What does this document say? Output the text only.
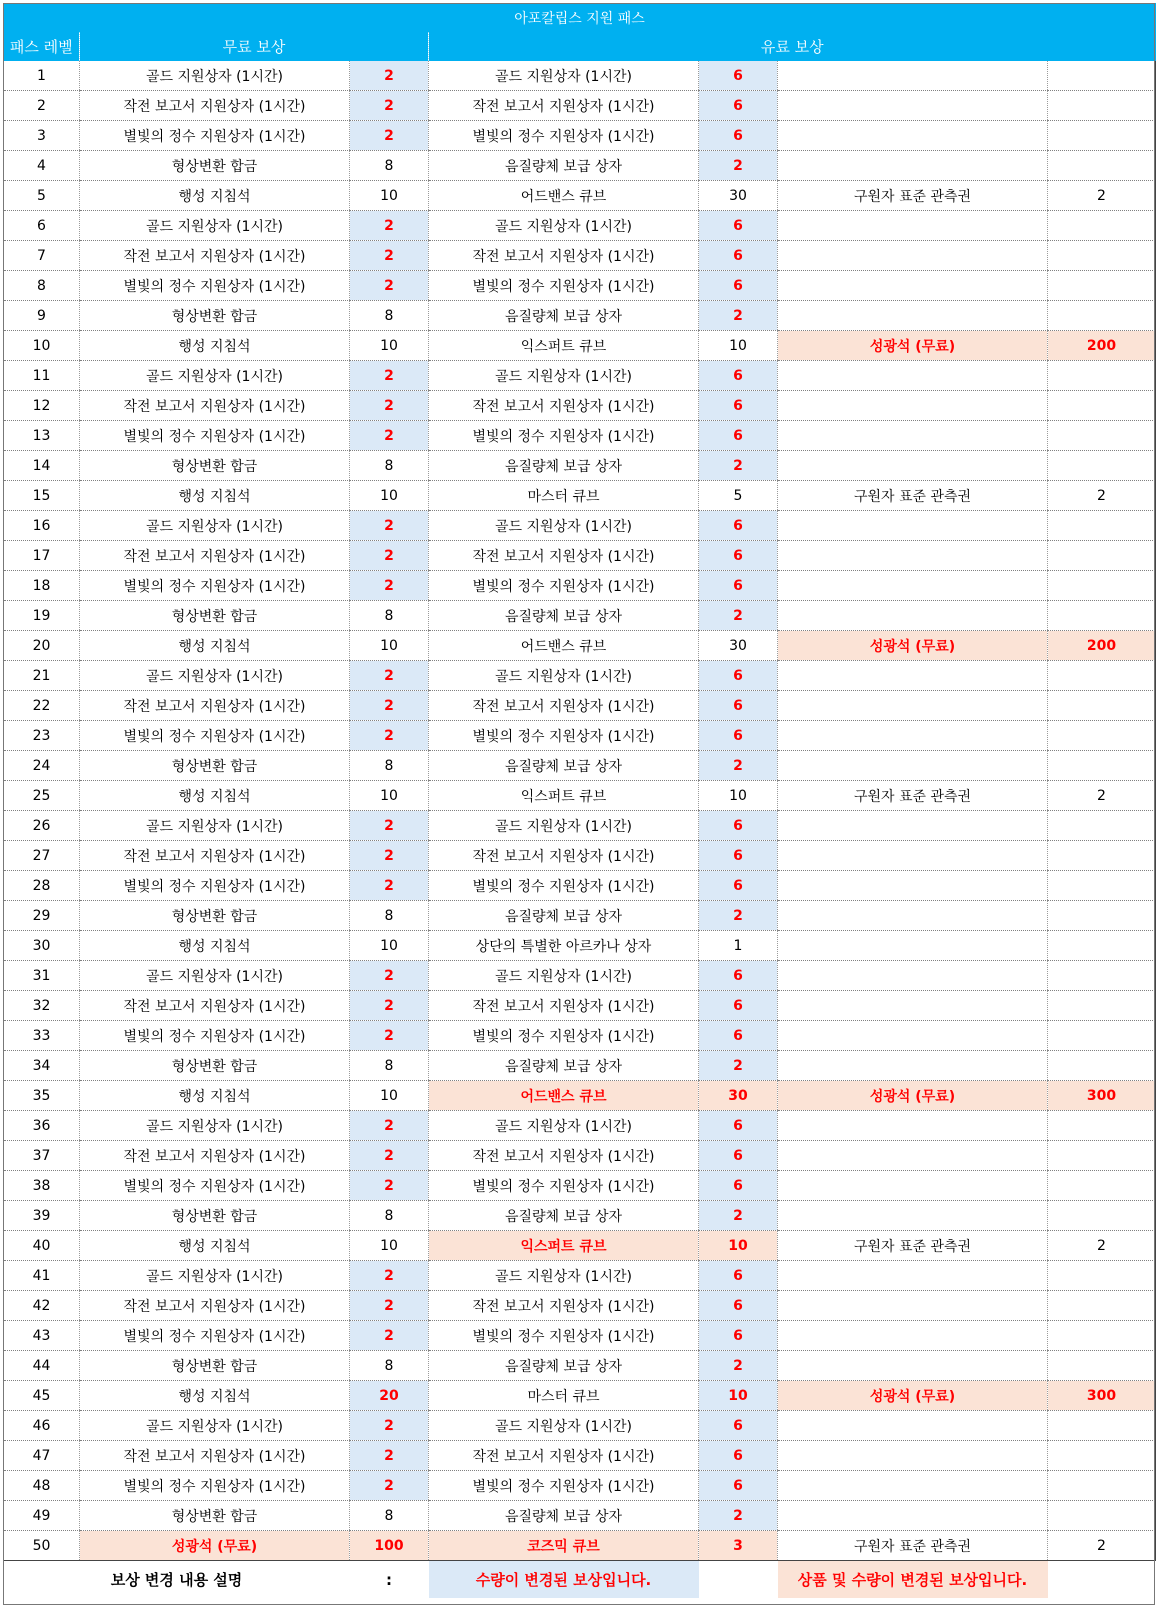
아포칼립스 지원 패스						
패스 레벨	무료 보상		유료 보상			
1	골드 지원상자 (1시간)	2	골드 지원상자 (1시간)	6		
2	작전 보고서 지원상자 (1시간)	2	작전 보고서 지원상자 (1시간)	6		
3	별빛의 정수 지원상자 (1시간)	2	별빛의 정수 지원상자 (1시간)	6		
4	형상변환 합금	8	음질량체 보급 상자	2		
5	행성 지침석	10	어드밴스 큐브	30	구원자 표준 관측권	2
6	골드 지원상자 (1시간)	2	골드 지원상자 (1시간)	6		
7	작전 보고서 지원상자 (1시간)	2	작전 보고서 지원상자 (1시간)	6		
8	별빛의 정수 지원상자 (1시간)	2	별빛의 정수 지원상자 (1시간)	6		
9	형상변환 합금	8	음질량체 보급 상자	2		
10	행성 지침석	10	익스퍼트 큐브	10	성광석 (무료)	200
11	골드 지원상자 (1시간)	2	골드 지원상자 (1시간)	6		
12	작전 보고서 지원상자 (1시간)	2	작전 보고서 지원상자 (1시간)	6		
13	별빛의 정수 지원상자 (1시간)	2	별빛의 정수 지원상자 (1시간)	6		
14	형상변환 합금	8	음질량체 보급 상자	2		
15	행성 지침석	10	마스터 큐브	5	구원자 표준 관측권	2
16	골드 지원상자 (1시간)	2	골드 지원상자 (1시간)	6		
17	작전 보고서 지원상자 (1시간)	2	작전 보고서 지원상자 (1시간)	6		
18	별빛의 정수 지원상자 (1시간)	2	별빛의 정수 지원상자 (1시간)	6		
19	형상변환 합금	8	음질량체 보급 상자	2		
20	행성 지침석	10	어드밴스 큐브	30	성광석 (무료)	200
21	골드 지원상자 (1시간)	2	골드 지원상자 (1시간)	6		
22	작전 보고서 지원상자 (1시간)	2	작전 보고서 지원상자 (1시간)	6		
23	별빛의 정수 지원상자 (1시간)	2	별빛의 정수 지원상자 (1시간)	6		
24	형상변환 합금	8	음질량체 보급 상자	2		
25	행성 지침석	10	익스퍼트 큐브	10	구원자 표준 관측권	2
26	골드 지원상자 (1시간)	2	골드 지원상자 (1시간)	6		
27	작전 보고서 지원상자 (1시간)	2	작전 보고서 지원상자 (1시간)	6		
28	별빛의 정수 지원상자 (1시간)	2	별빛의 정수 지원상자 (1시간)	6		
29	형상변환 합금	8	음질량체 보급 상자	2		
30	행성 지침석	10	상단의 특별한 아르카나 상자	1		
31	골드 지원상자 (1시간)	2	골드 지원상자 (1시간)	6		
32	작전 보고서 지원상자 (1시간)	2	작전 보고서 지원상자 (1시간)	6		
33	별빛의 정수 지원상자 (1시간)	2	별빛의 정수 지원상자 (1시간)	6		
34	형상변환 합금	8	음질량체 보급 상자	2		
35	행성 지침석	10	어드밴스 큐브	30	성광석 (무료)	300
36	골드 지원상자 (1시간)	2	골드 지원상자 (1시간)	6		
37	작전 보고서 지원상자 (1시간)	2	작전 보고서 지원상자 (1시간)	6		
38	별빛의 정수 지원상자 (1시간)	2	별빛의 정수 지원상자 (1시간)	6		
39	형상변환 합금	8	음질량체 보급 상자	2		
40	행성 지침석	10	익스퍼트 큐브	10	구원자 표준 관측권	2
41	골드 지원상자 (1시간)	2	골드 지원상자 (1시간)	6		
42	작전 보고서 지원상자 (1시간)	2	작전 보고서 지원상자 (1시간)	6		
43	별빛의 정수 지원상자 (1시간)	2	별빛의 정수 지원상자 (1시간)	6		
44	형상변환 합금	8	음질량체 보급 상자	2		
45	행성 지침석	20	마스터 큐브	10	성광석 (무료)	300
46	골드 지원상자 (1시간)	2	골드 지원상자 (1시간)	6		
47	작전 보고서 지원상자 (1시간)	2	작전 보고서 지원상자 (1시간)	6		
48	별빛의 정수 지원상자 (1시간)	2	별빛의 정수 지원상자 (1시간)	6		
49	형상변환 합금	8	음질량체 보급 상자	2		
50	성광석 (무료)	100	코즈믹 큐브	3	구원자 표준 관측권	2
보상 변경 내용 설명		:	수량이 변경된 보상입니다.		상품 및 수량이 변경된 보상입니다.	
